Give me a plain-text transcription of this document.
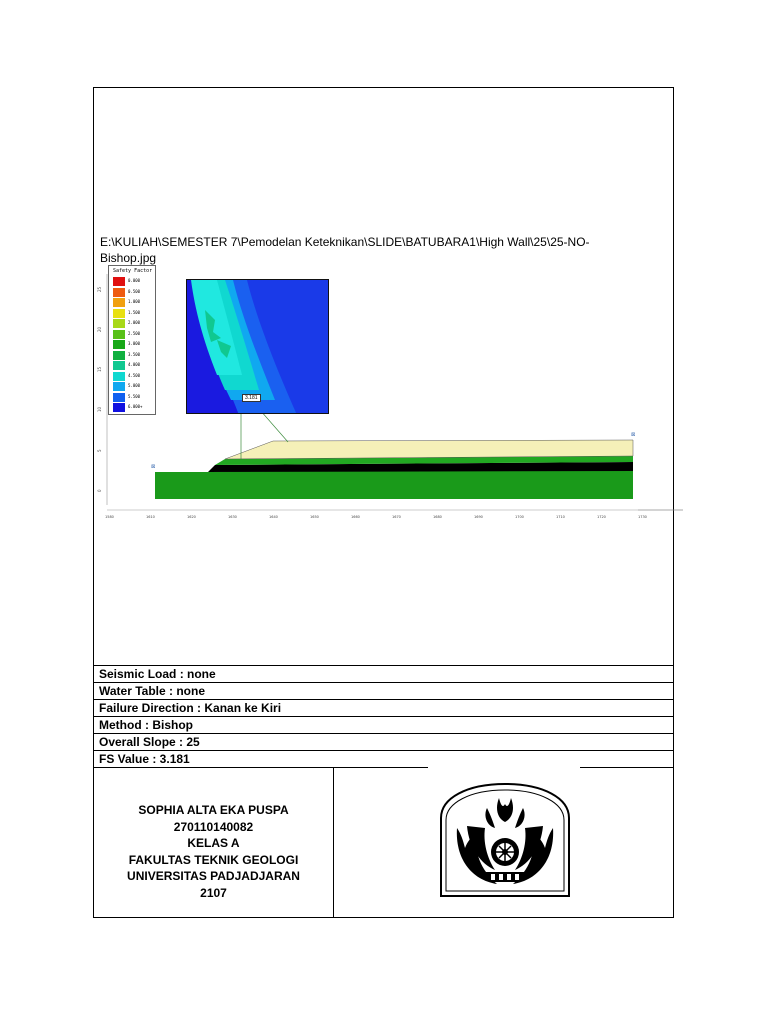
E:\KULIAH\SEMESTER 7\Pemodelan Keteknikan\SLIDE\BATUBARA1\High Wall\25\25-NO-Bishop.jpg
25
20
15
10
5
0
1580	1610	1620	1630	1640	1650	1660	1670	1680	1690	1700	1710	1720	1730
⊠
⊠
Safety Factor
0.000
0.500
1.000
1.500
2.000
2.500
3.000
3.500
4.000
4.500
5.000
5.500
6.000+
3.181
Seismic Load : none
Water Table : none
Failure Direction : Kanan ke Kiri
Method : Bishop
Overall Slope : 25
FS Value : 3.181
SOPHIA ALTA EKA PUSPA
270110140082
KELAS A
FAKULTAS TEKNIK GEOLOGI
UNIVERSITAS PADJADJARAN
2107
